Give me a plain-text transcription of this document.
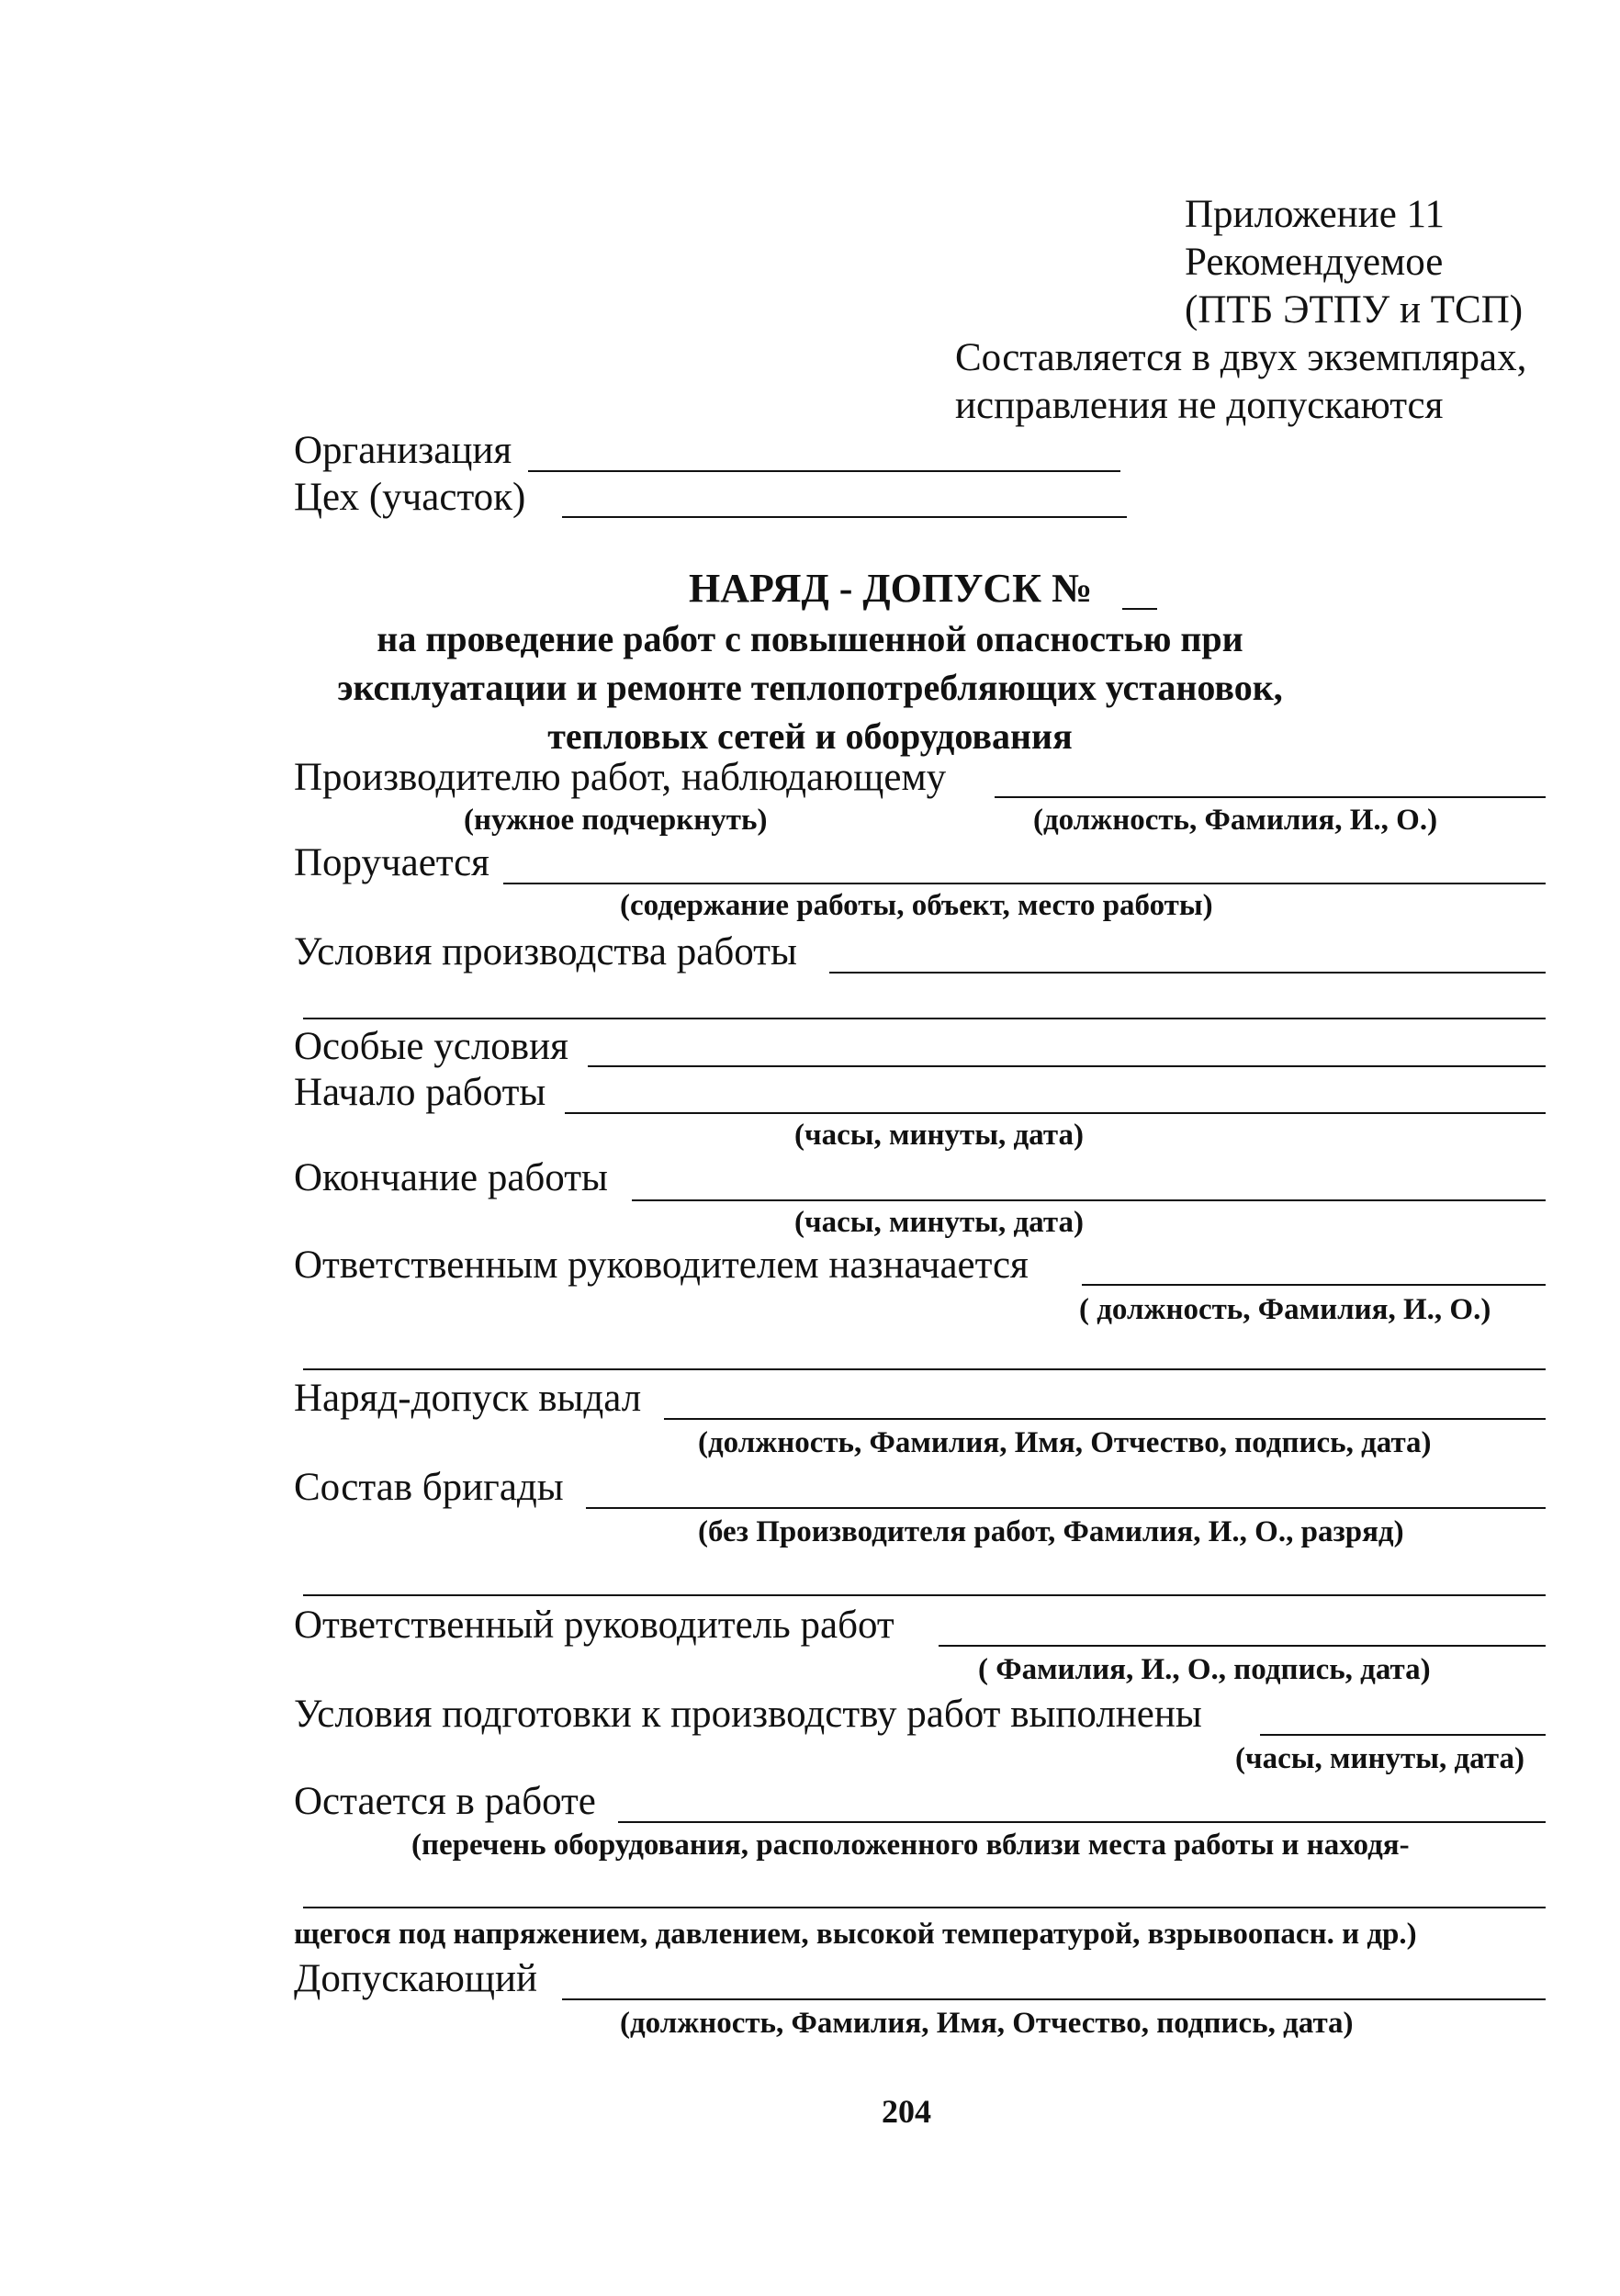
Приложение 11
Рекомендуемое
(ПТБ ЭТПУ и ТСП)
Составляется в двух экземплярах,
исправления не допускаются
Организация
Цех (участок)
НАРЯД - ДОПУСК №
на проведение работ с повышенной опасностью при
эксплуатации и ремонте теплопотребляющих установок,
тепловых сетей и оборудования
Производителю работ, наблюдающему
(нужное подчеркнуть)	(должность, Фамилия, И., О.)
Поручается
(содержание работы, объект, место работы)
Условия производства работы
Особые условия
Начало работы
(часы, минуты, дата)
Окончание работы
(часы, минуты, дата)
Ответственным руководителем назначается
( должность, Фамилия, И., О.)
Наряд-допуск выдал
(должность, Фамилия, Имя, Отчество, подпись, дата)
Состав бригады
(без Производителя работ, Фамилия, И., О., разряд)
Ответственный руководитель работ
( Фамилия, И., О., подпись, дата)
Условия подготовки к производству работ выполнены
(часы, минуты, дата)
Остается в работе
(перечень оборудования, расположенного вблизи места работы и находя-
щегося под напряжением, давлением, высокой температурой, взрывоопасн. и др.)
Допускающий
(должность, Фамилия, Имя, Отчество, подпись, дата)
204
